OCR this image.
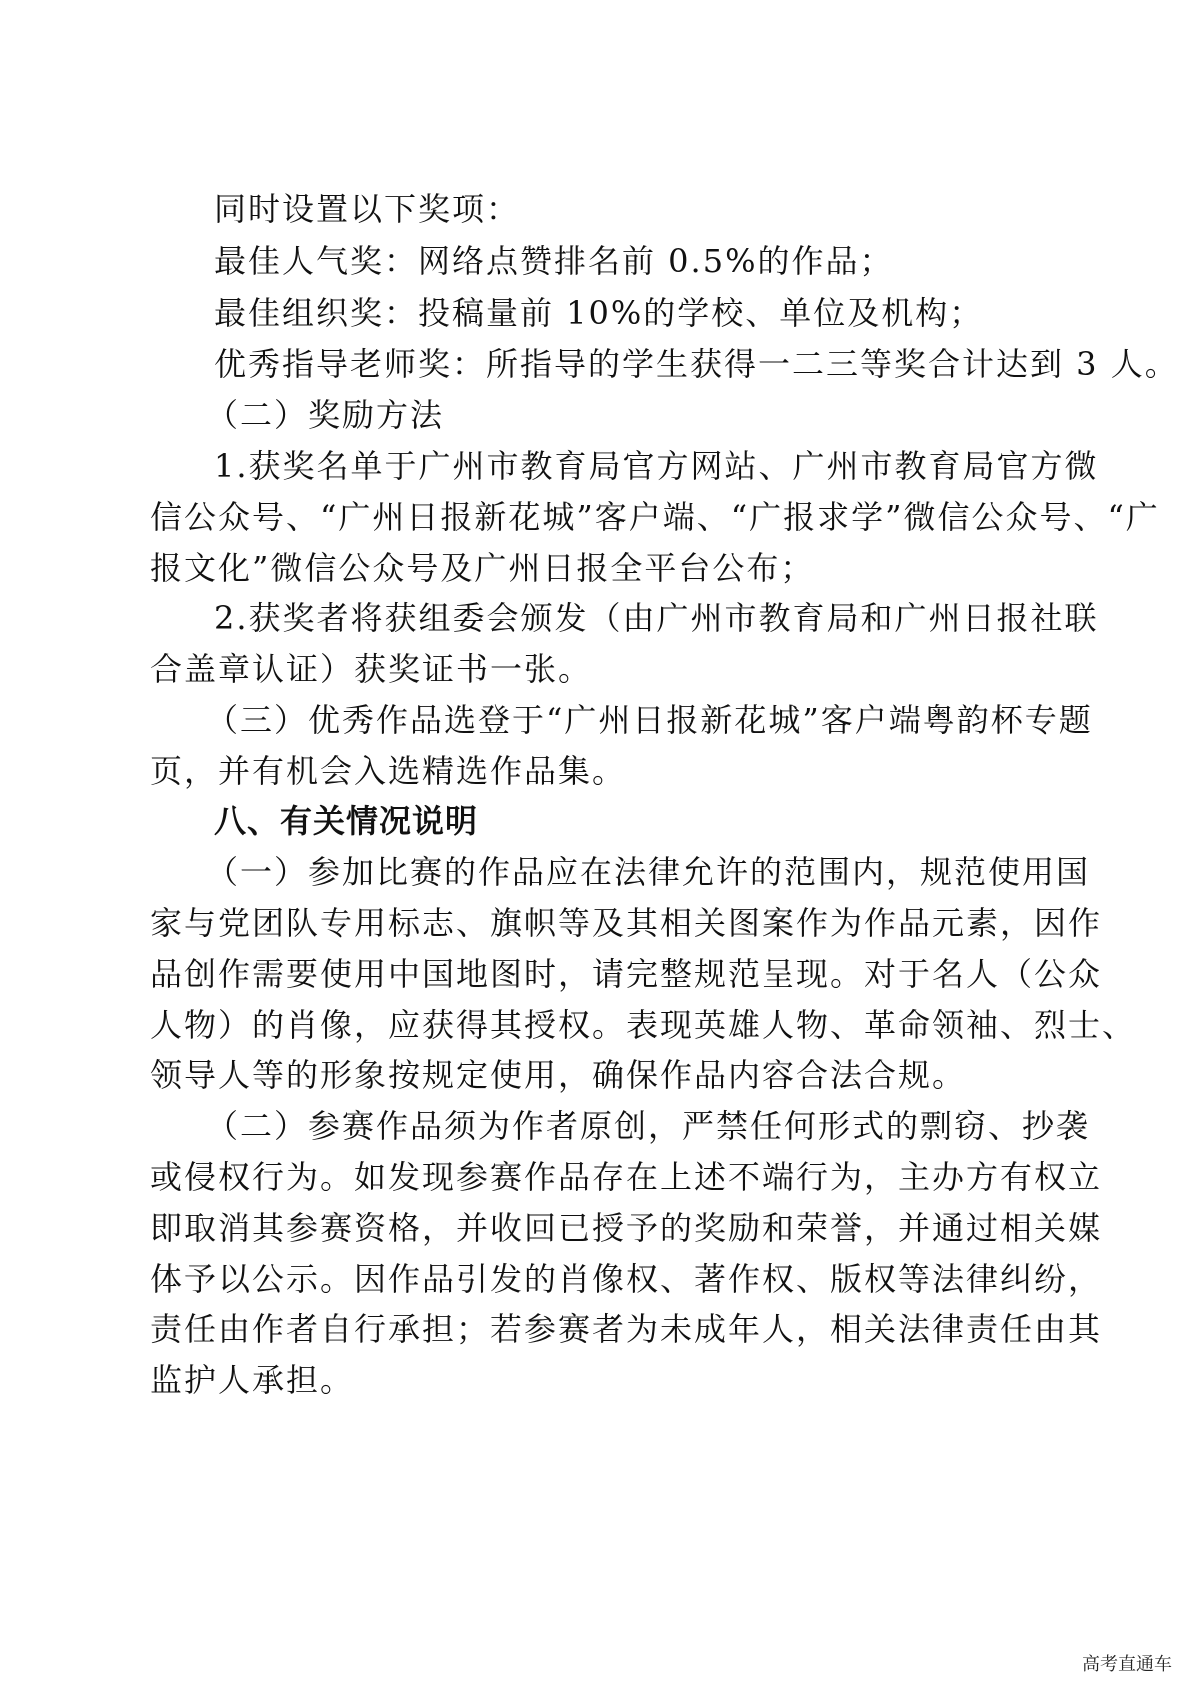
同时设置以下奖项：
最佳人气奖：网络点赞排名前 0.5%的作品；
最佳组织奖：投稿量前 10%的学校、单位及机构；
优秀指导老师奖：所指导的学生获得一二三等奖合计达到 3 人。
（二）奖励方法
1.获奖名单于广州市教育局官方网站、广州市教育局官方微
信公众号、“广州日报新花城”客户端、“广报求学”微信公众号、“广
报文化”微信公众号及广州日报全平台公布；
2.获奖者将获组委会颁发（由广州市教育局和广州日报社联
合盖章认证）获奖证书一张。
（三）优秀作品选登于“广州日报新花城”客户端粤韵杯专题
页，并有机会入选精选作品集。
八、有关情况说明
（一）参加比赛的作品应在法律允许的范围内，规范使用国
家与党团队专用标志、旗帜等及其相关图案作为作品元素，因作
品创作需要使用中国地图时，请完整规范呈现。对于名人（公众
人物）的肖像，应获得其授权。表现英雄人物、革命领袖、烈士、
领导人等的形象按规定使用，确保作品内容合法合规。
（二）参赛作品须为作者原创，严禁任何形式的剽窃、抄袭
或侵权行为。如发现参赛作品存在上述不端行为，主办方有权立
即取消其参赛资格，并收回已授予的奖励和荣誉，并通过相关媒
体予以公示。因作品引发的肖像权、著作权、版权等法律纠纷，
责任由作者自行承担；若参赛者为未成年人，相关法律责任由其
监护人承担。
高考直通车
